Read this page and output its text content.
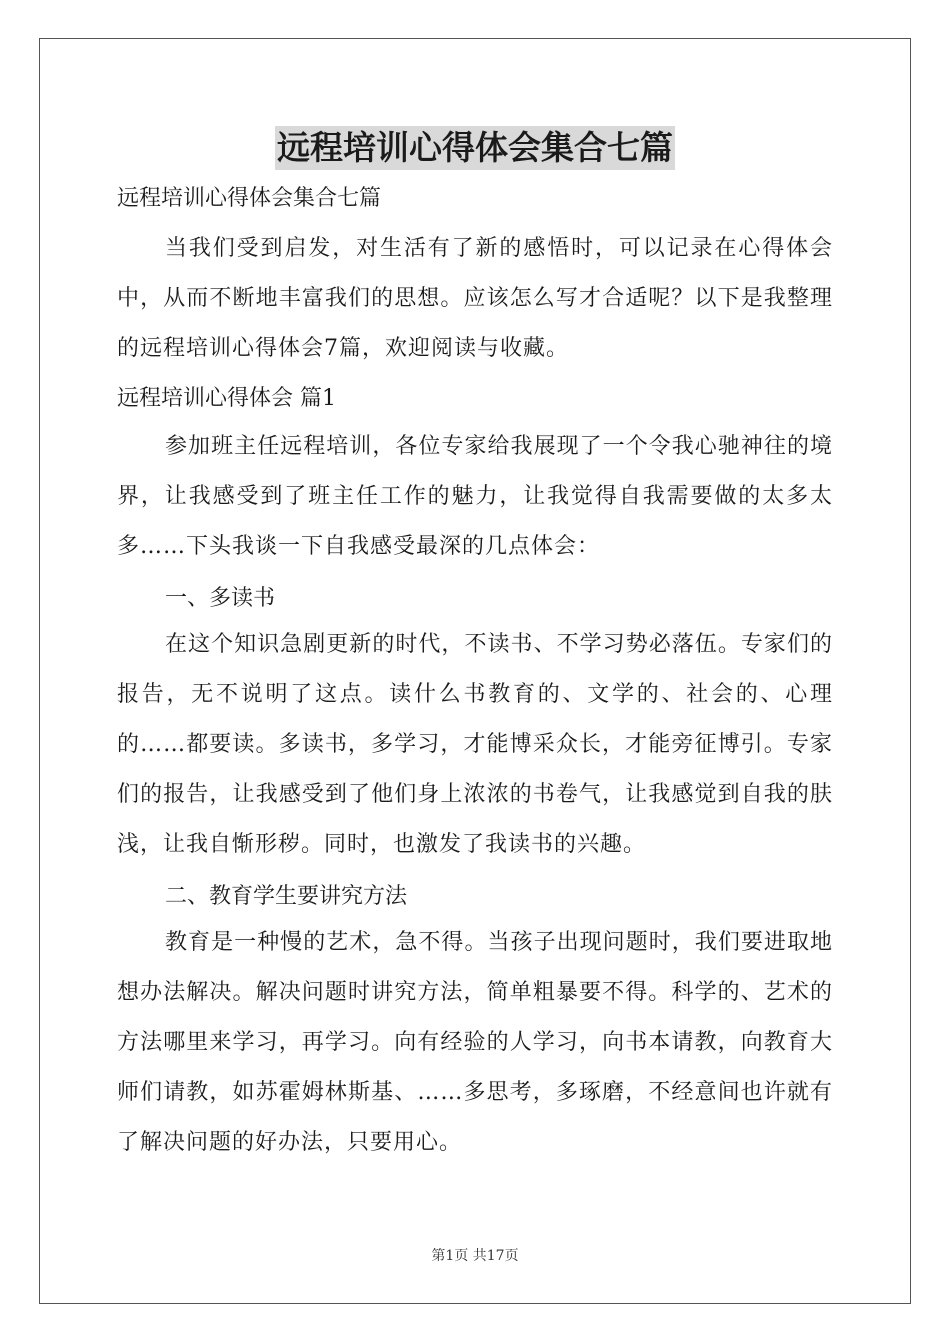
远程培训心得体会集合七篇
远程培训心得体会集合七篇
当我们受到启发，对生活有了新的感悟时，可以记录在心得体会中，从而不断地丰富我们的思想。应该怎么写才合适呢？以下是我整理的远程培训心得体会7篇，欢迎阅读与收藏。
远程培训心得体会 篇1
参加班主任远程培训，各位专家给我展现了一个令我心驰神往的境界，让我感受到了班主任工作的魅力，让我觉得自我需要做的太多太多……下头我谈一下自我感受最深的几点体会：
一、多读书
在这个知识急剧更新的时代，不读书、不学习势必落伍。专家们的报告，无不说明了这点。读什么书教育的、文学的、社会的、心理的……都要读。多读书，多学习，才能博采众长，才能旁征博引。专家们的报告，让我感受到了他们身上浓浓的书卷气，让我感觉到自我的肤浅，让我自惭形秽。同时，也激发了我读书的兴趣。
二、教育学生要讲究方法
教育是一种慢的艺术，急不得。当孩子出现问题时，我们要进取地想办法解决。解决问题时讲究方法，简单粗暴要不得。科学的、艺术的方法哪里来学习，再学习。向有经验的人学习，向书本请教，向教育大师们请教，如苏霍姆林斯基、……多思考，多琢磨，不经意间也许就有了解决问题的好办法，只要用心。
第1页 共17页
